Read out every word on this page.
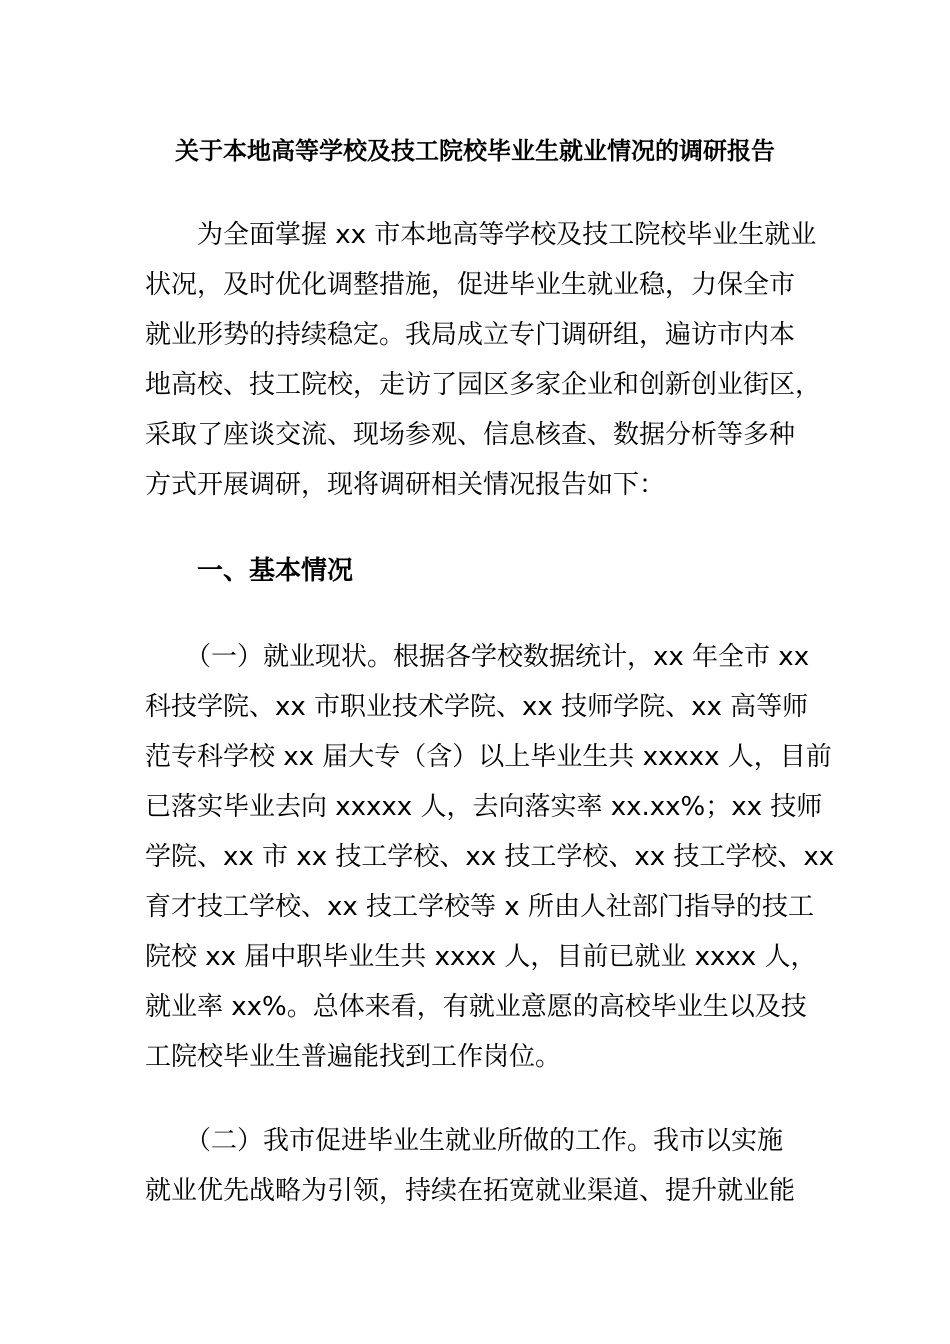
关于本地高等学校及技工院校毕业生就业情况的调研报告
为全面掌握 xx 市本地高等学校及技工院校毕业生就业
状况，及时优化调整措施，促进毕业生就业稳，力保全市
就业形势的持续稳定。我局成立专门调研组，遍访市内本
地高校、技工院校，走访了园区多家企业和创新创业街区，
采取了座谈交流、现场参观、信息核查、数据分析等多种
方式开展调研，现将调研相关情况报告如下：
一、基本情况
（一）就业现状。根据各学校数据统计，xx 年全市 xx
科技学院、xx 市职业技术学院、xx 技师学院、xx 高等师
范专科学校 xx 届大专（含）以上毕业生共 xxxxx 人，目前
已落实毕业去向 xxxxx 人，去向落实率 xx.xx%；xx 技师
学院、xx 市 xx 技工学校、xx 技工学校、xx 技工学校、xx
育才技工学校、xx 技工学校等 x 所由人社部门指导的技工
院校 xx 届中职毕业生共 xxxx 人，目前已就业 xxxx 人，
就业率 xx%。总体来看，有就业意愿的高校毕业生以及技
工院校毕业生普遍能找到工作岗位。
（二）我市促进毕业生就业所做的工作。我市以实施
就业优先战略为引领，持续在拓宽就业渠道、提升就业能
